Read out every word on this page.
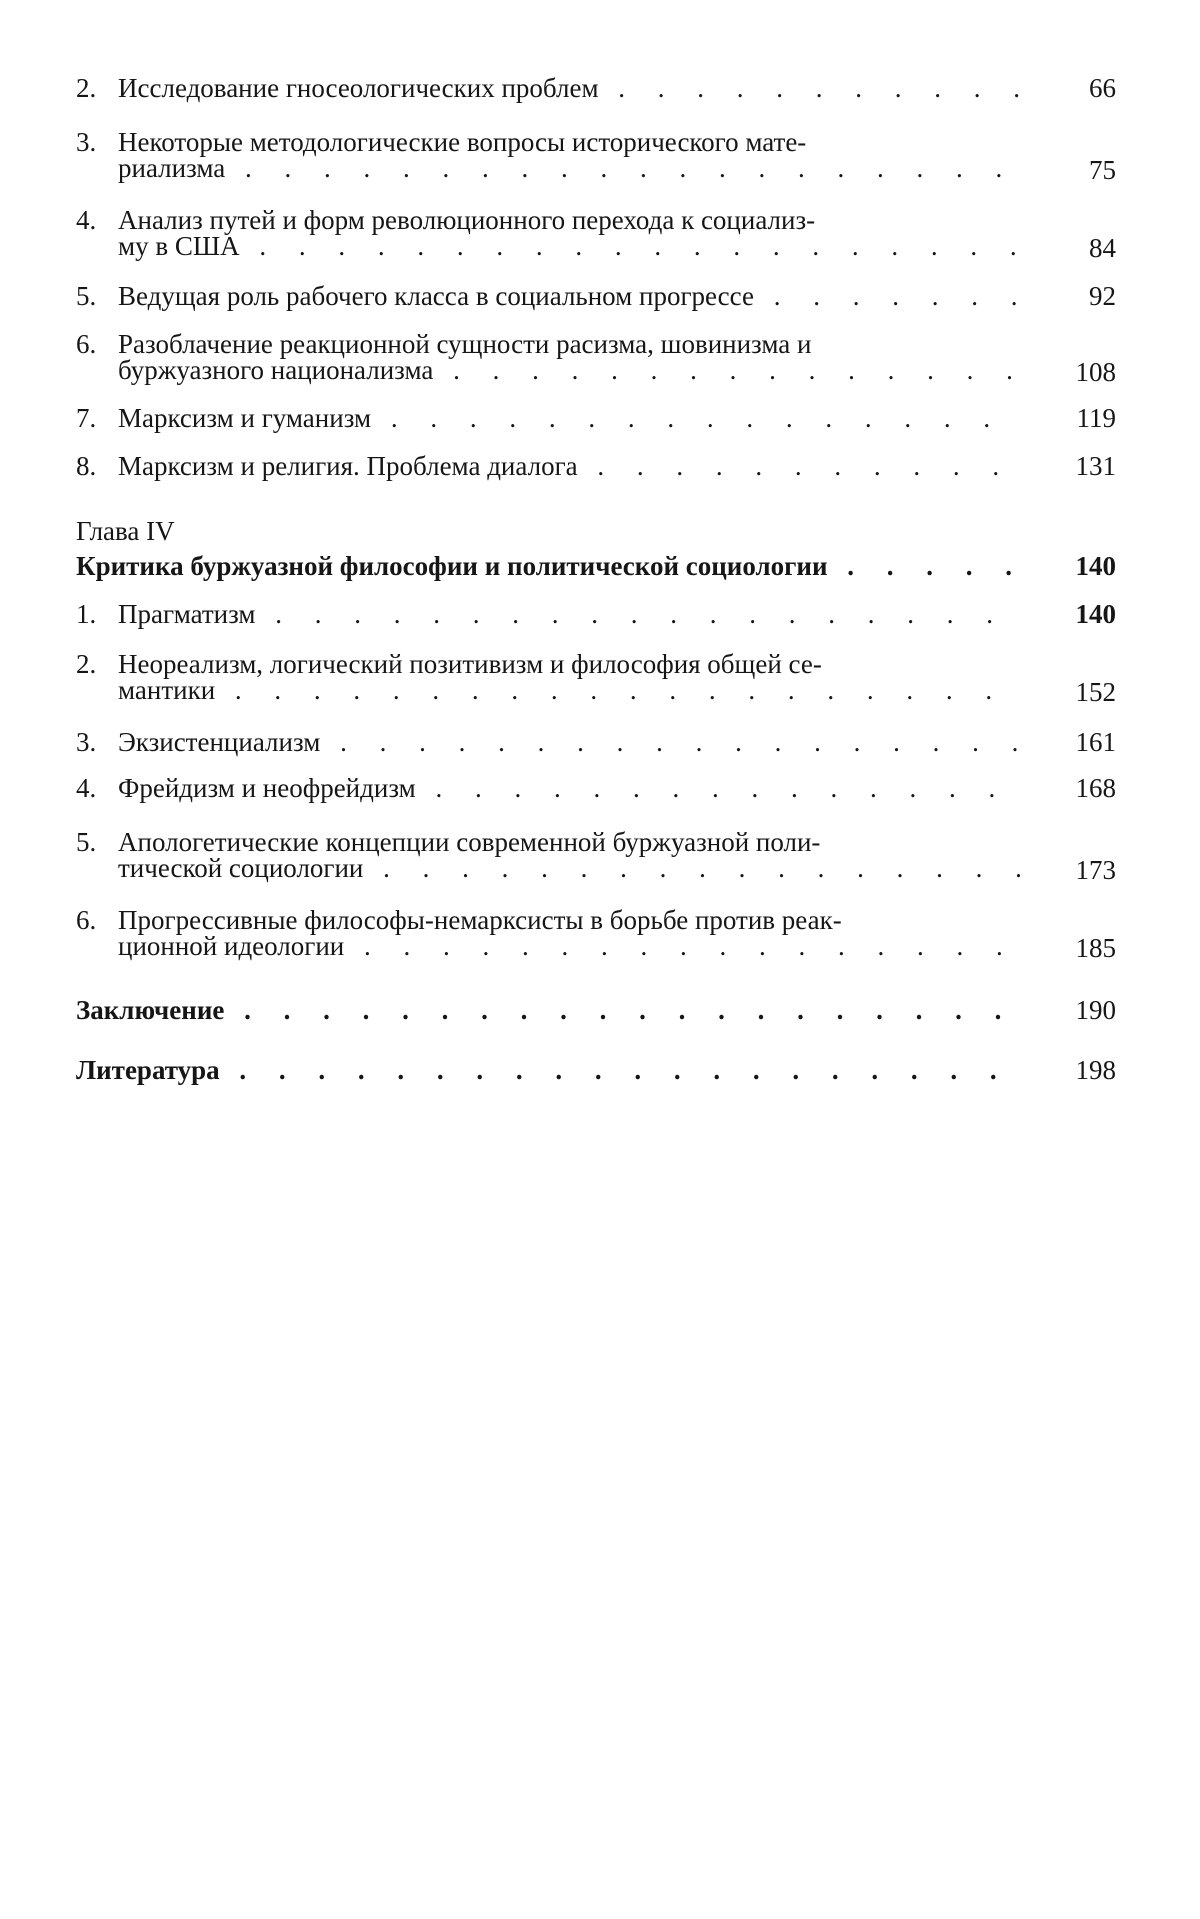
2. Исследование гносеологических проблем . . .	66
3. Некоторые методологические вопросы исторического мате-
риализма . . .	75
4. Анализ путей и форм революционного перехода к социализ-
му в США . . .	84
5. Ведущая роль рабочего класса в социальном прогрессе . . .	92
6. Разоблачение реакционной сущности расизма, шовинизма и
буржуазного национализма . . .	108
7. Марксизм и гуманизм . . .	119
8. Марксизм и религия. Проблема диалога . . .	131
Глава IV
Критика буржуазной философии и политической социологии . . .	140
1. Прагматизм . . .	140
2. Неореализм, логический позитивизм и философия общей се-
мантики . . .	152
3. Экзистенциализм . . .	161
4. Фрейдизм и неофрейдизм . . .	168
5. Апологетические концепции современной буржуазной поли-
тической социологии . . .	173
6. Прогрессивные философы-немарксисты в борьбе против реак-
ционной идеологии . . .	185
Заключение . . .	190
Литература . . .	198
